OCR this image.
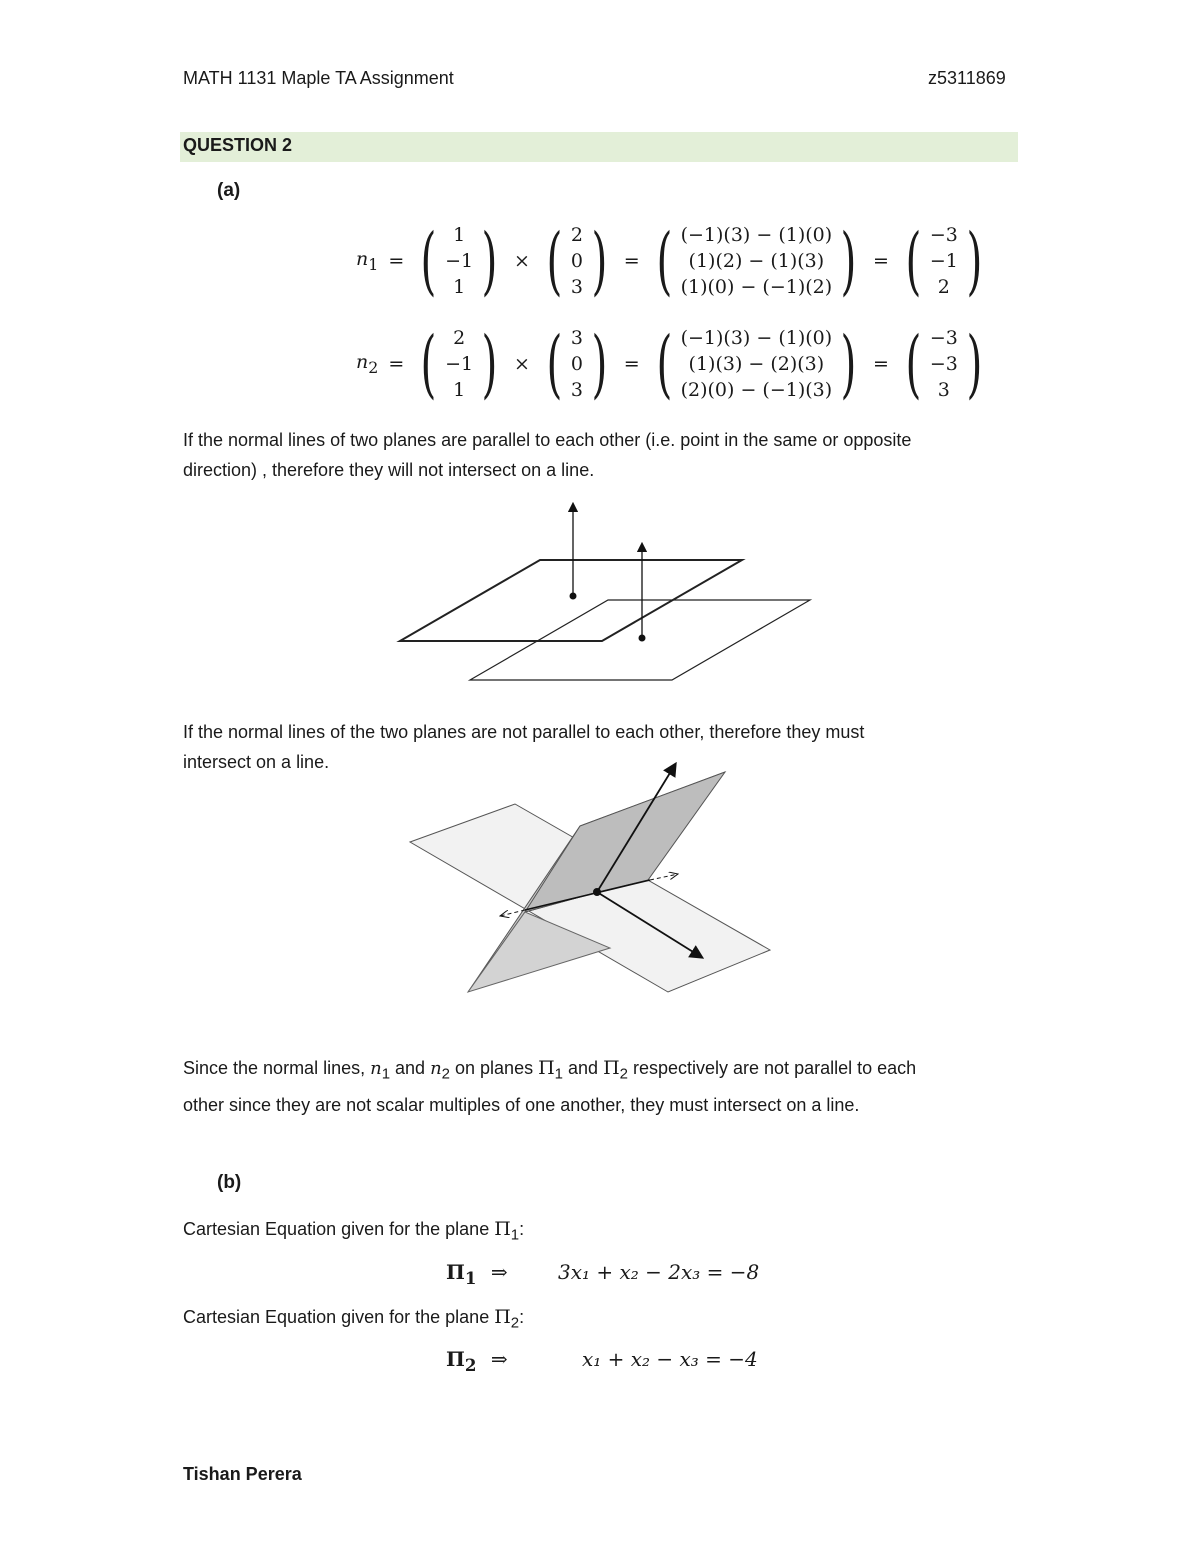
MATH 1131 Maple TA Assignment	z5311869
QUESTION 2
(a)
$n_1$ = ( 1
−1
1 ) × ( 2
0
3 ) = ( (−1)(3) − (1)(0)
(1)(2) − (1)(3)
(1)(0) − (−1)(2) ) = ( −3
−1
2 )
$n_2$ = ( 2
−1
1 ) × ( 3
0
3 ) = ( (−1)(3) − (1)(0)
(1)(3) − (2)(3)
(2)(0) − (−1)(3) ) = ( −3
−3
3 )

If the normal lines of two planes are parallel to each other (i.e. point in the same or opposite

direction) , therefore they will not intersect on a line.

If the normal lines of the two planes are not parallel to each other, therefore they must

intersect on a line.

Since the normal lines, $n_1$ and $n_2$ on planes $\Pi_1$ and $\Pi_2$ respectively are not parallel to each

other since they are not scalar multiples of one another, they must intersect on a line.

(b)

Cartesian Equation given for the plane $\Pi_1$:

$\Pi_1$ ⇒	3x₁ + x₂ − 2x₃ = −8

Cartesian Equation given for the plane $\Pi_2$:

$\Pi_2$ ⇒	x₁ + x₂ − x₃ = −4
Tishan Perera
